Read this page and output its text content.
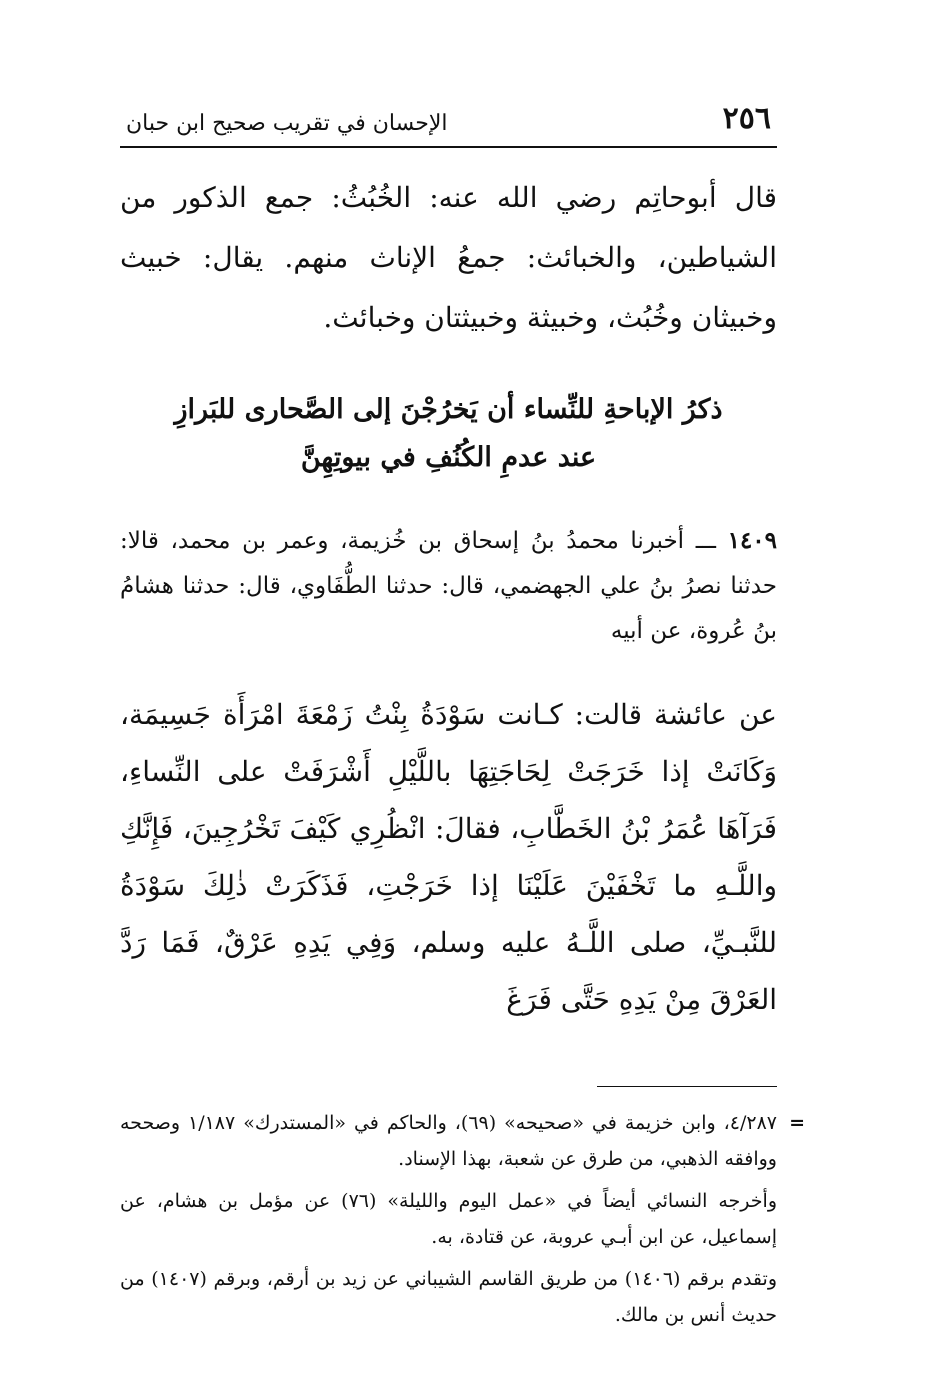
٢٥٦
الإحسان في تقريب صحيح ابن حبان

قال أبوحاتِم رضي الله عنه: الخُبُثُ: جمع الذكور من الشياطين، والخبائث: جمعُ الإناث منهم. يقال: خبيث وخبيثان وخُبُث، وخبيثة وخبيثتان وخبائث.

ذكرُ الإباحةِ للنِّساء أن يَخرُجْنَ إلى الصَّحارى للبَرازِ عند عدمِ الكُنُفِ في بيوتِهِنَّ

١٤٠٩ ـــ أخبرنا محمدُ بنُ إسحاق بن خُزيمة، وعمر بن محمد، قالا: حدثنا نصرُ بنُ علي الجهضمي، قال: حدثنا الطُّفَاوي، قال: حدثنا هشامُ بنُ عُروة، عن أبيه

عن عائشة قالت: كـانت سَوْدَةُ بِنْتُ زَمْعَةَ امْرَأَة جَسِيمَة، وَكَانَتْ إذا خَرَجَتْ لِحَاجَتِهَا باللَّيْلِ أَشْرَفَتْ على النِّساءِ، فَرَآهَا عُمَرُ بْنُ الخَطَّابِ، فقالَ: انْظُرِي كَيْفَ تَخْرُجِينَ، فَإِنَّكِ واللَّـهِ ما تَخْفَيْنَ عَلَيْنَا إذا خَرَجْتِ، فَذَكَرَتْ ذٰلِكَ سَوْدَةُ للنَّبـيِّ، صلى اللَّـهُ عليه وسلم، وَفِي يَدِهِ عَرْقٌ، فَمَا رَدَّ العَرْقَ مِنْ يَدِهِ حَتَّى فَرَغَ

=
٤/٢٨٧، وابن خزيمة في «صحيحه» (٦٩)، والحاكم في «المستدرك» ١/١٨٧ وصححه ووافقه الذهبي، من طرق عن شعبة، بهذا الإسناد.

وأخرجه النسائي أيضاً في «عمل اليوم والليلة» (٧٦) عن مؤمل بن هشام، عن إسماعيل، عن ابن أبـي عروبة، عن قتادة، به.

وتقدم برقم (١٤٠٦) من طريق القاسم الشيباني عن زيد بن أرقم، وبرقم (١٤٠٧) من حديث أنس بن مالك.
